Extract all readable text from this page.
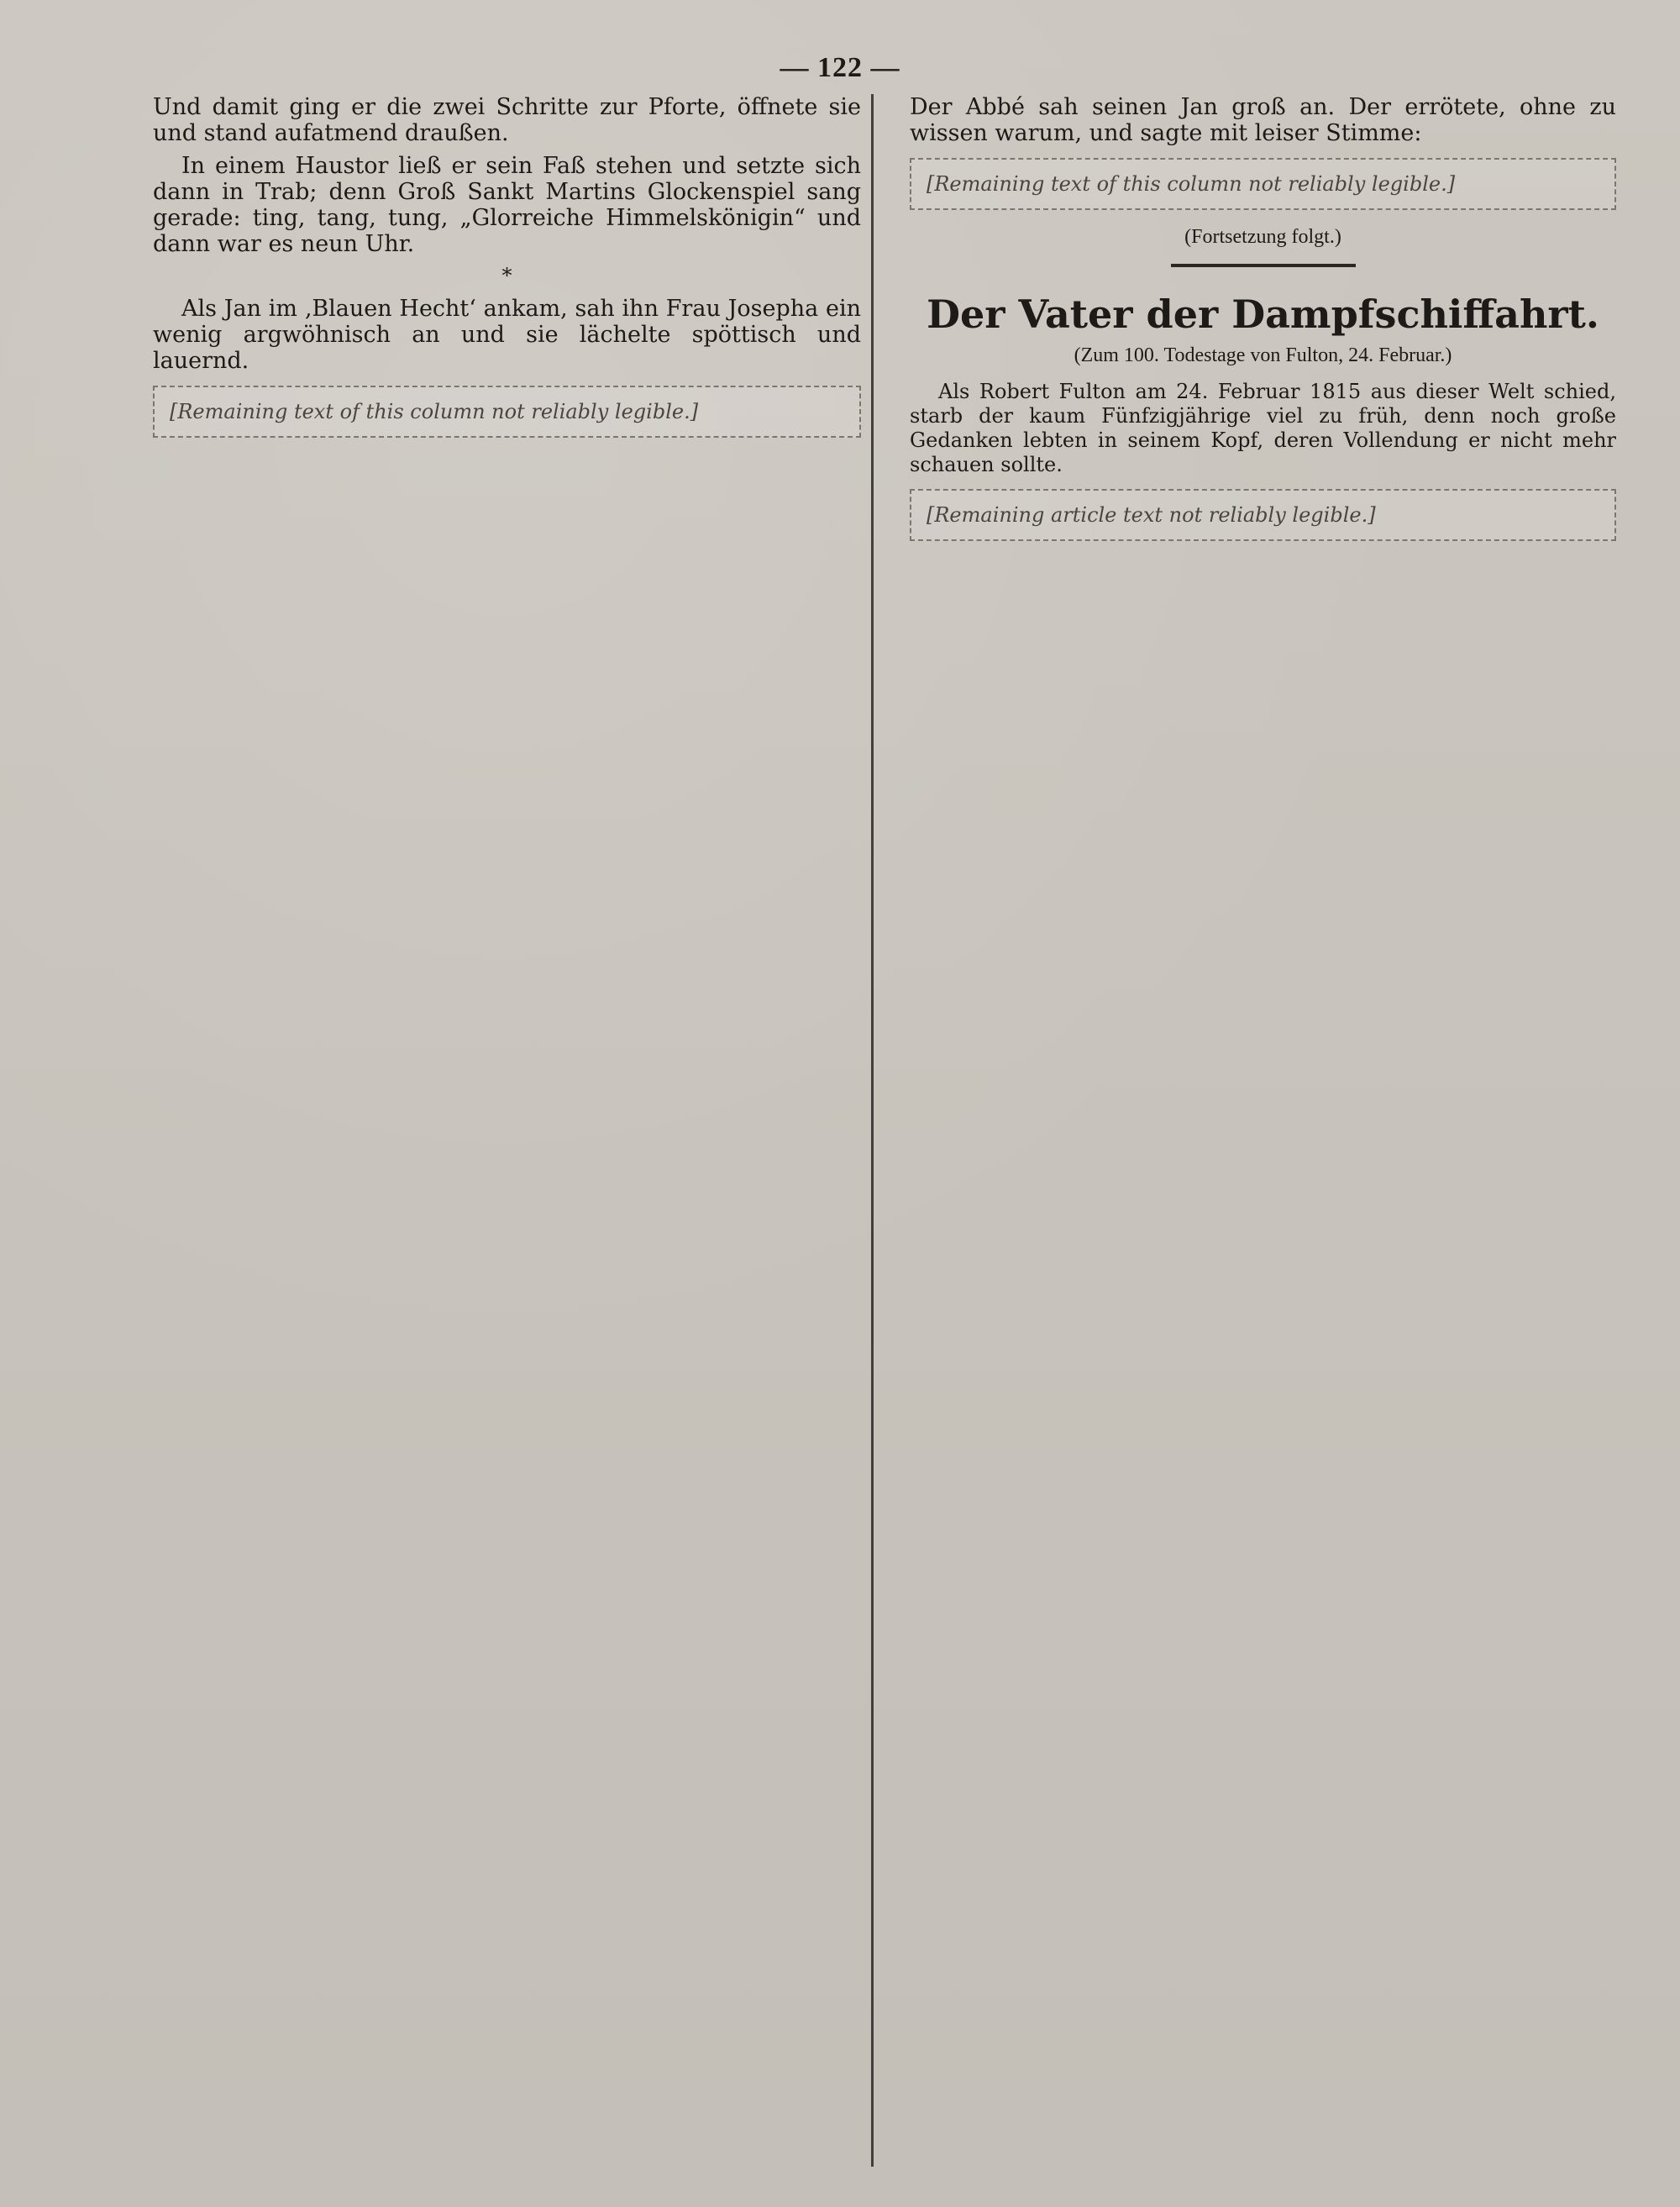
— 122 —

Und damit ging er die zwei Schritte zur Pforte, öffnete sie und stand aufatmend draußen.

In einem Haustor ließ er sein Faß stehen und setzte sich dann in Trab; denn Groß Sankt Martins Glockenspiel sang gerade: ting, tang, tung, „Glorreiche Himmelskönigin“ und dann war es neun Uhr.

*

Als Jan im ‚Blauen Hecht‘ ankam, sah ihn Frau Josepha ein wenig argwöhnisch an und sie lächelte spöttisch und lauernd.

[Remaining text of this column not reliably legible.]

Der Abbé sah seinen Jan groß an. Der errötete, ohne zu wissen warum, und sagte mit leiser Stimme:

[Remaining text of this column not reliably legible.]
(Fortsetzung folgt.)
Der Vater der Dampfschiffahrt.
(Zum 100. Todestage von Fulton, 24. Februar.)

Als Robert Fulton am 24. Februar 1815 aus dieser Welt schied, starb der kaum Fünfzigjährige viel zu früh, denn noch große Gedanken lebten in seinem Kopf, deren Vollendung er nicht mehr schauen sollte.

[Remaining article text not reliably legible.]
